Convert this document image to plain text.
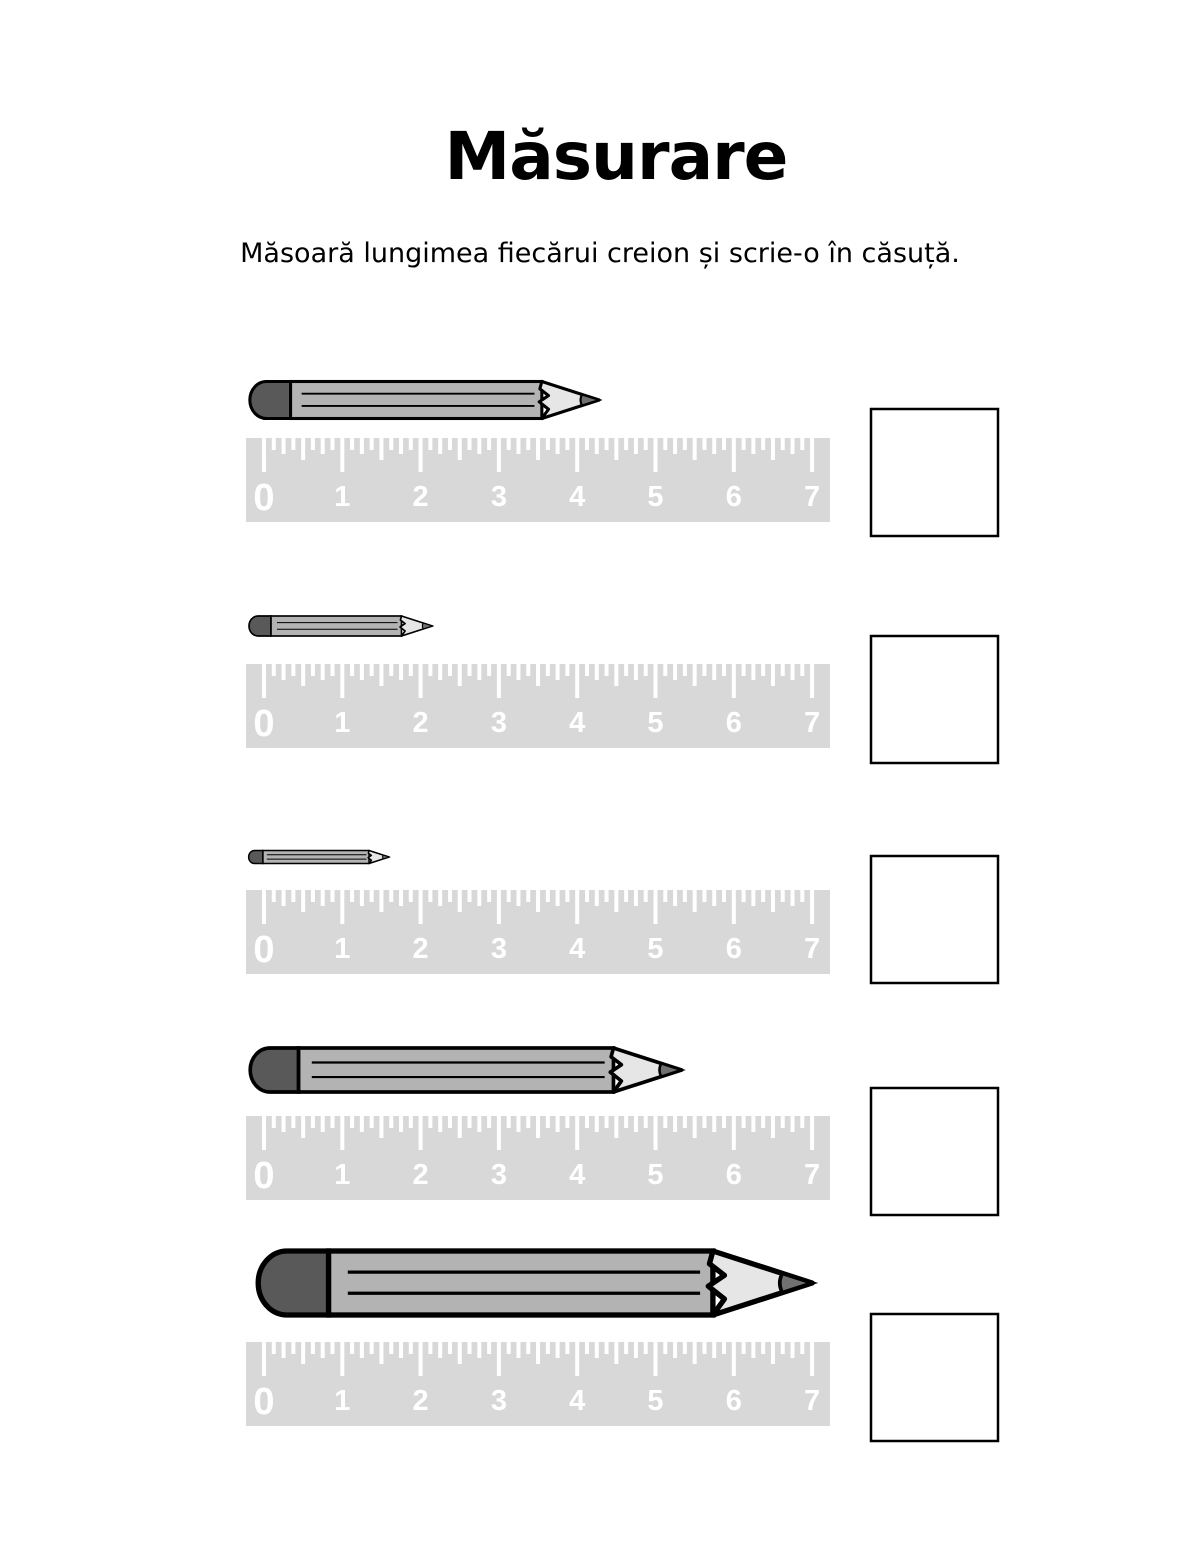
Măsurare
Măsoară lungimea fiecărui creion și scrie-o în căsuță.
0 1 2 3 4 5 6 7
0 1 2 3 4 5 6 7
0 1 2 3 4 5 6 7
0 1 2 3 4 5 6 7
0 1 2 3 4 5 6 7
